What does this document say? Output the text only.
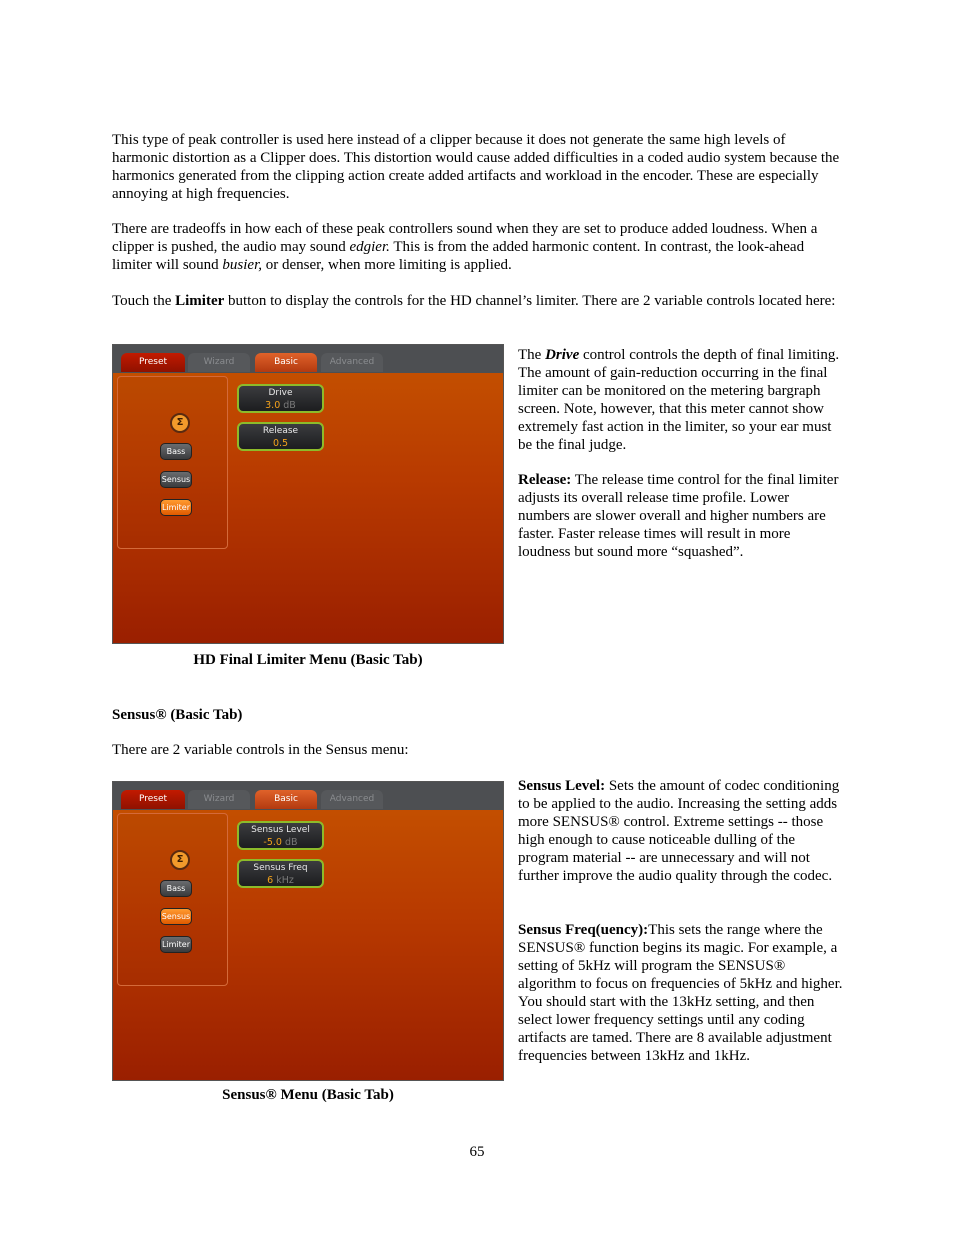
This type of peak controller is used here instead of a clipper because it does not generate the same high levels of harmonic distortion as a Clipper does. This distortion would cause added difficulties in a coded audio system because the harmonics generated from the clipping action create added artifacts and workload in the encoder. These are especially annoying at high frequencies.

There are tradeoffs in how each of these peak controllers sound when they are set to produce added loudness. When a clipper is pushed, the audio may sound edgier. This is from the added harmonic content. In contrast, the look-ahead limiter will sound busier, or denser, when more limiting is applied.

Touch the Limiter button to display the controls for the HD channel’s limiter. There are 2 variable controls located here:

Preset	Wizard	Basic	Advanced
Σ
Bass
Sensus
Limiter
Drive
3.0 dB
Release
0.5
HD Final Limiter Menu (Basic Tab)

The Drive control controls the depth of final limiting. The amount of gain-reduction occurring in the final limiter can be monitored on the metering bargraph screen. Note, however, that this meter cannot show extremely fast action in the limiter, so your ear must be the final judge.

Release: The release time control for the final limiter adjusts its overall release time profile. Lower numbers are slower overall and higher numbers are faster. Faster release times will result in more loudness but sound more “squashed”.

Sensus® (Basic Tab)

There are 2 variable controls in the Sensus menu:

Preset	Wizard	Basic	Advanced
Σ
Bass
Sensus
Limiter
Sensus Level
-5.0 dB
Sensus Freq
6 kHz
Sensus® Menu (Basic Tab)

Sensus Level: Sets the amount of codec conditioning to be applied to the audio. Increasing the setting adds more SENSUS® control. Extreme settings -- those high enough to cause noticeable dulling of the program material -- are unnecessary and will not further improve the audio quality through the codec.

Sensus Freq(uency):This sets the range where the SENSUS® function begins its magic. For example, a setting of 5kHz will program the SENSUS® algorithm to focus on frequencies of 5kHz and higher. You should start with the 13kHz setting, and then select lower frequency settings until any coding artifacts are tamed. There are 8 available adjustment frequencies between 13kHz and 1kHz.

65
